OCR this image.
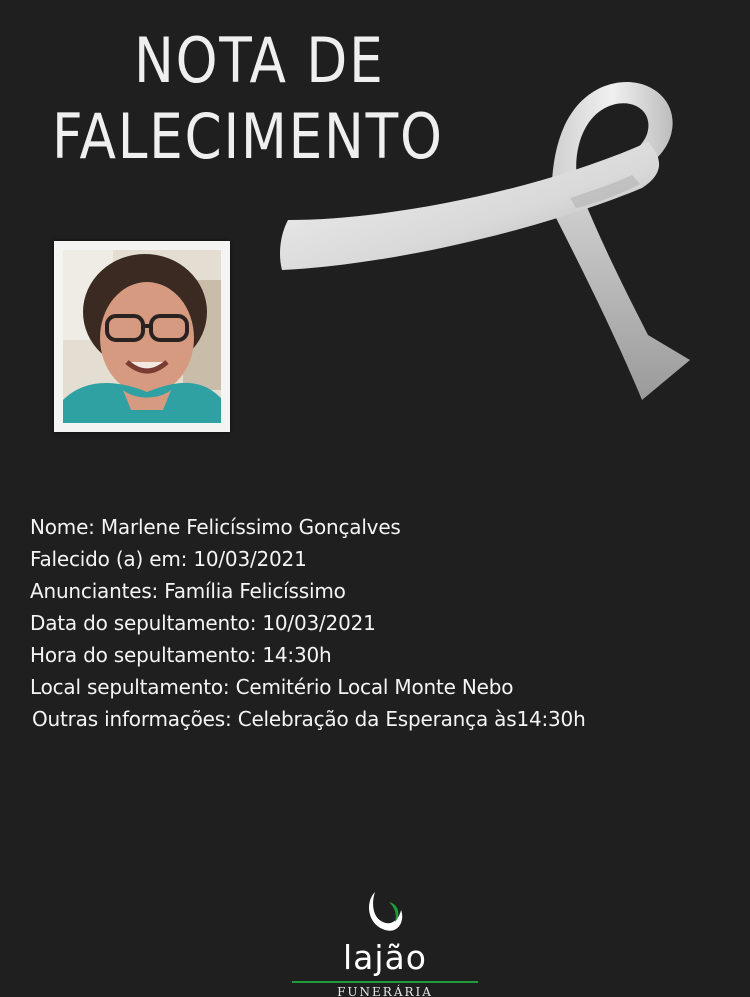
NOTA DE
FALECIMENTO
Nome: Marlene Felicíssimo Gonçalves
Falecido (a) em: 10/03/2021
Anunciantes: Família Felicíssimo
Data do sepultamento: 10/03/2021
Hora do sepultamento: 14:30h
Local sepultamento: Cemitério Local Monte Nebo
Outras informações: Celebração da Esperança às14:30h
lajão
FUNERÁRIA
